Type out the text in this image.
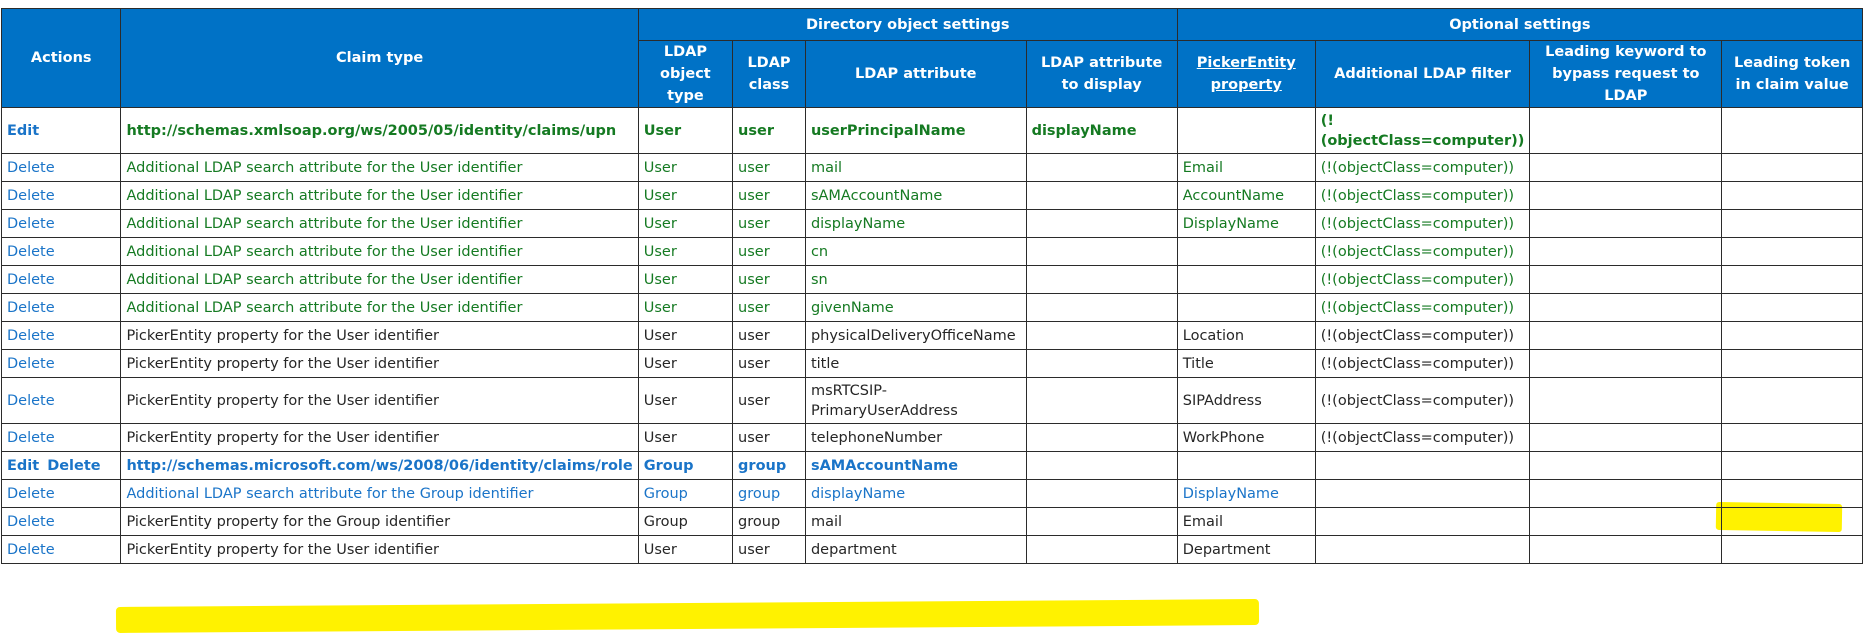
Actions	Claim type	Directory object settings				Optional settings			
		LDAP object type	LDAP class	LDAP attribute	LDAP attribute to display	PickerEntity property	Additional LDAP filter	Leading keyword to bypass request to LDAP	Leading token in claim value
Edit	http://schemas.xmlsoap.org/ws/2005/05/identity/claims/upn	User	user	userPrincipalName	displayName		(!(objectClass=computer))		
Delete	Additional LDAP search attribute for the User identifier	User	user	mail		Email	(!(objectClass=computer))		
Delete	Additional LDAP search attribute for the User identifier	User	user	sAMAccountName		AccountName	(!(objectClass=computer))		
Delete	Additional LDAP search attribute for the User identifier	User	user	displayName		DisplayName	(!(objectClass=computer))		
Delete	Additional LDAP search attribute for the User identifier	User	user	cn			(!(objectClass=computer))		
Delete	Additional LDAP search attribute for the User identifier	User	user	sn			(!(objectClass=computer))		
Delete	Additional LDAP search attribute for the User identifier	User	user	givenName			(!(objectClass=computer))		
Delete	PickerEntity property for the User identifier	User	user	physicalDeliveryOfficeName		Location	(!(objectClass=computer))		
Delete	PickerEntity property for the User identifier	User	user	title		Title	(!(objectClass=computer))		
Delete	PickerEntity property for the User identifier	User	user	msRTCSIP-PrimaryUserAddress		SIPAddress	(!(objectClass=computer))		
Delete	PickerEntity property for the User identifier	User	user	telephoneNumber		WorkPhone	(!(objectClass=computer))		
Edit Delete	http://schemas.microsoft.com/ws/2008/06/identity/claims/role	Group	group	sAMAccountName					
Delete	Additional LDAP search attribute for the Group identifier	Group	group	displayName		DisplayName			
Delete	PickerEntity property for the Group identifier	Group	group	mail		Email			
Delete	PickerEntity property for the User identifier	User	user	department		Department			
